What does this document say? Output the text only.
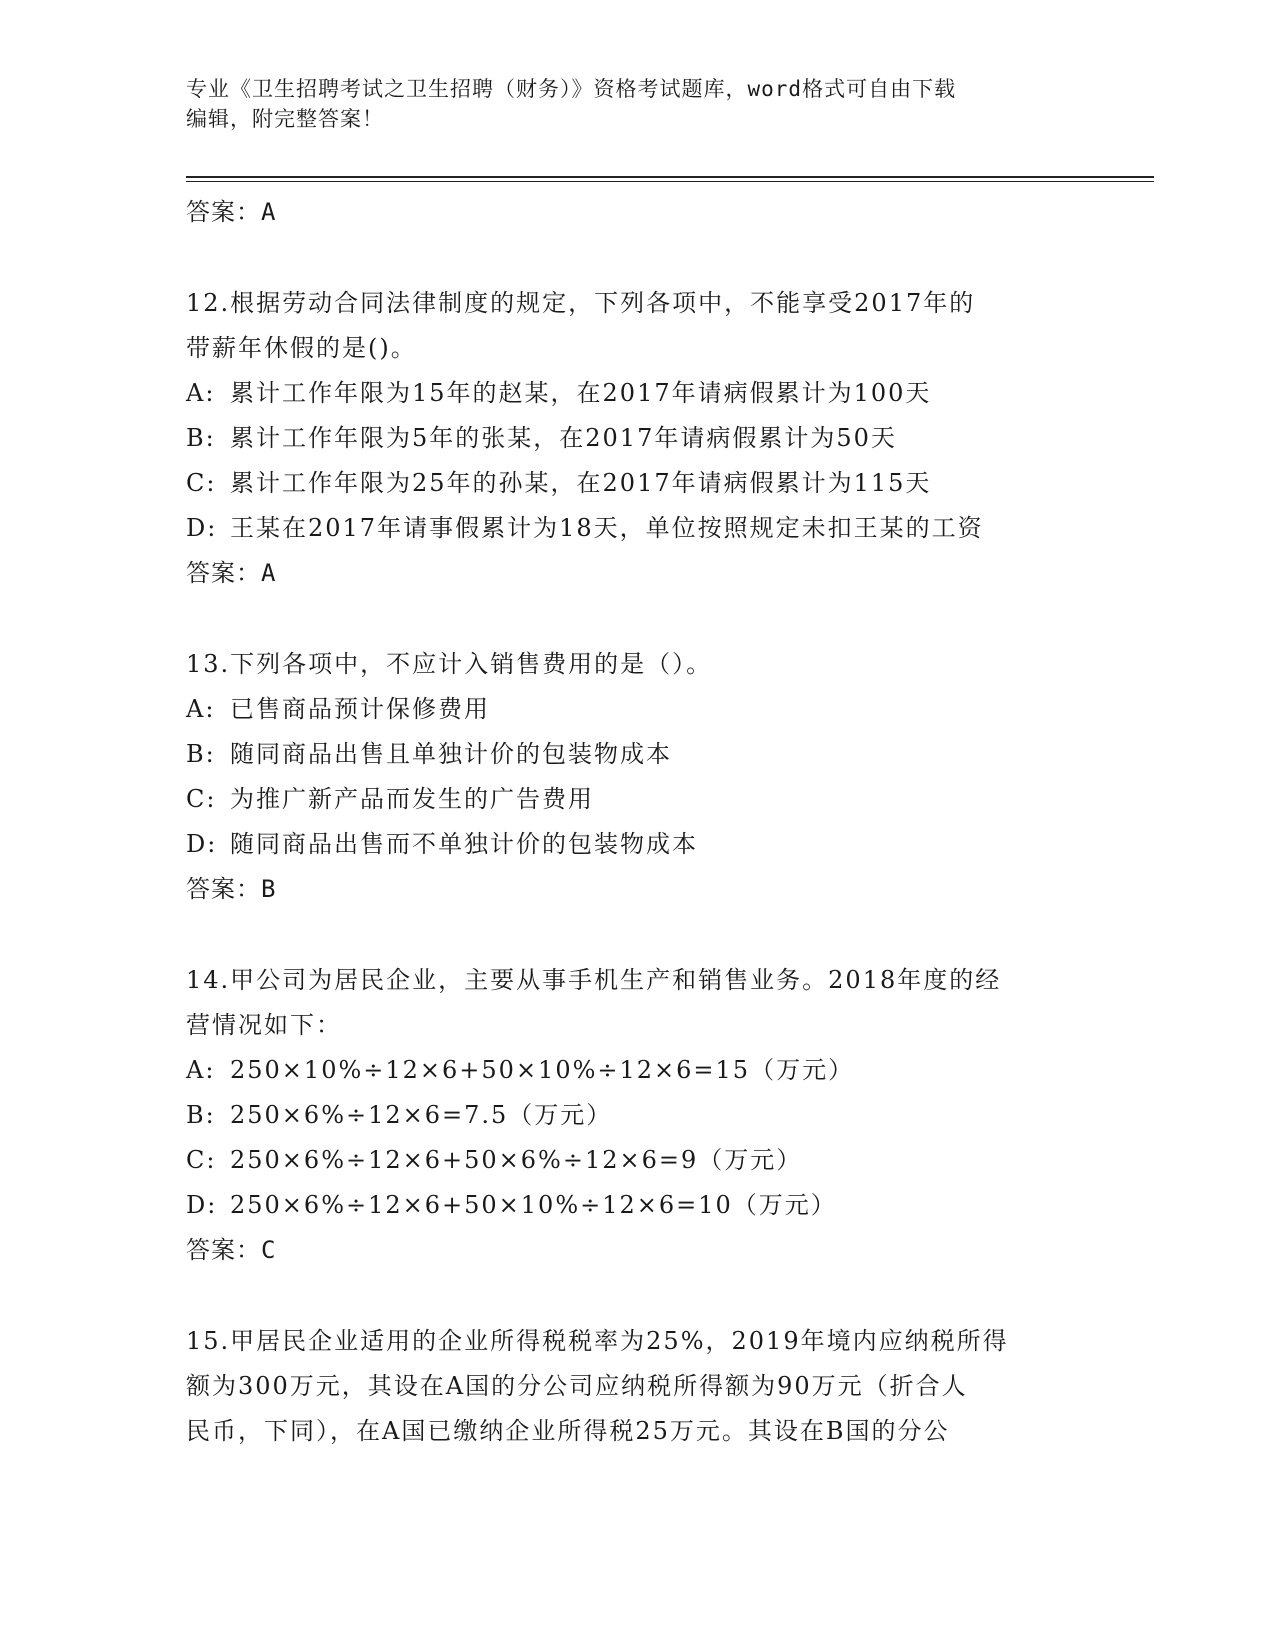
专业《卫生招聘考试之卫生招聘（财务）》资格考试题库，word格式可自由下载
编辑，附完整答案！
答案：A
12.根据劳动合同法律制度的规定，下列各项中，不能享受2017年的
带薪年休假的是()。
A: 累计工作年限为15年的赵某，在2017年请病假累计为100天
B: 累计工作年限为5年的张某，在2017年请病假累计为50天
C: 累计工作年限为25年的孙某，在2017年请病假累计为115天
D: 王某在2017年请事假累计为18天，单位按照规定未扣王某的工资
答案：A
13.下列各项中，不应计入销售费用的是（）。
A: 已售商品预计保修费用
B: 随同商品出售且单独计价的包装物成本
C: 为推广新产品而发生的广告费用
D: 随同商品出售而不单独计价的包装物成本
答案：B
14.甲公司为居民企业，主要从事手机生产和销售业务。2018年度的经
营情况如下：
A: 250×10%÷12×6+50×10%÷12×6=15（万元）
B: 250×6%÷12×6=7.5（万元）
C: 250×6%÷12×6+50×6%÷12×6=9（万元）
D: 250×6%÷12×6+50×10%÷12×6=10（万元）
答案：C
15.甲居民企业适用的企业所得税税率为25%，2019年境内应纳税所得
额为300万元，其设在A国的分公司应纳税所得额为90万元（折合人
民币，下同），在A国已缴纳企业所得税25万元。其设在B国的分公
